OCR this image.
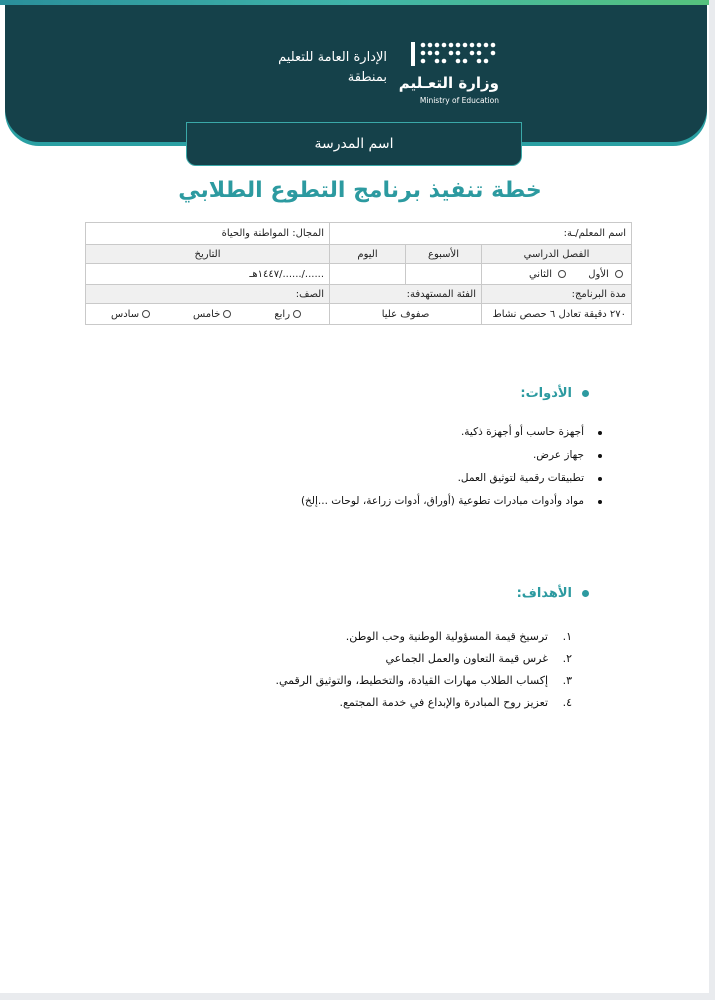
الإدارة العامة للتعليم
بمنطقة وزارة التعـليم
Ministry of Education
اسم المدرسة
خطة تنفيذ برنامج التطوع الطلابي
اسم المعلم/ـة:			المجال: المواطنة والحياة
الفصل الدراسي	الأسبوع	اليوم	التاريخ
الأول       الثاني			....../....../١٤٤٧هـ
مدة البرنامج:	الفئة المستهدفة:		الصف:
٢٧٠ دقيقة تعادل ٦ حصص نشاط	صفوف عليا		رابع
خامس
سادس
الأدوات:
أجهزة حاسب أو أجهزة ذكية.
جهاز عرض.
تطبيقات رقمية لتوثيق العمل.
مواد وأدوات مبادرات تطوعية (أوراق، أدوات زراعة، لوحات ...إلخ)
الأهداف:
١.
ترسيخ قيمة المسؤولية الوطنية وحب الوطن.
٢.
غرس قيمة التعاون والعمل الجماعي
٣.
إكساب الطلاب مهارات القيادة، والتخطيط، والتوثيق الرقمي.
٤.
تعزيز روح المبادرة والإبداع في خدمة المجتمع.
